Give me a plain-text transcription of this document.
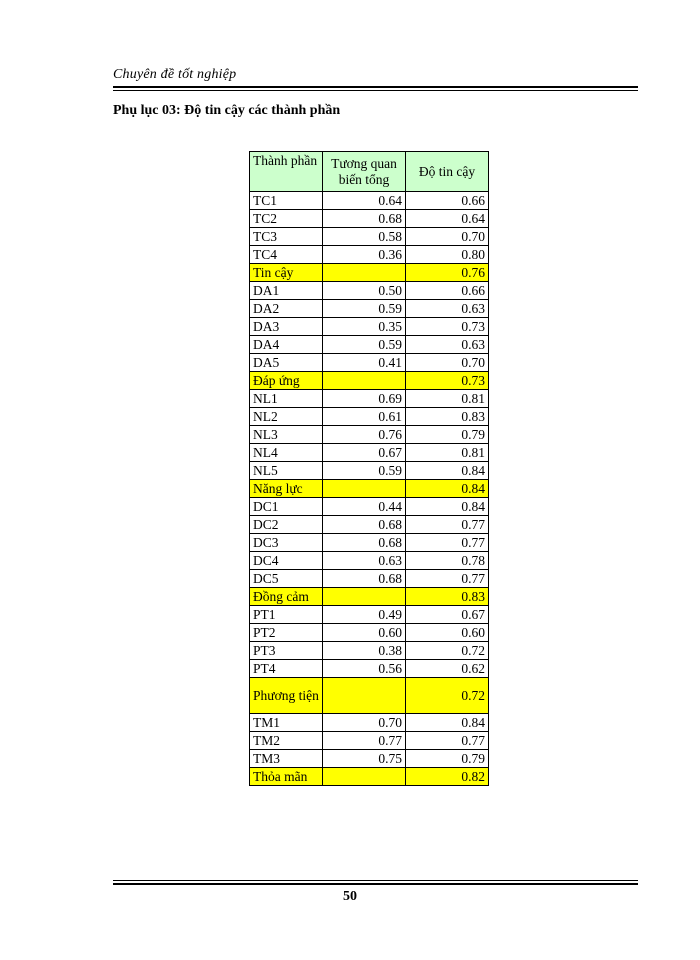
Chuyên đề tốt nghiệp
Phụ lục 03: Độ tin cậy các thành phần
Thành phần	Tương quan biến tổng	Độ tin cậy
TC1	0.64	0.66
TC2	0.68	0.64
TC3	0.58	0.70
TC4	0.36	0.80
Tin cậy		0.76
DA1	0.50	0.66
DA2	0.59	0.63
DA3	0.35	0.73
DA4	0.59	0.63
DA5	0.41	0.70
Đáp ứng		0.73
NL1	0.69	0.81
NL2	0.61	0.83
NL3	0.76	0.79
NL4	0.67	0.81
NL5	0.59	0.84
Năng lực		0.84
DC1	0.44	0.84
DC2	0.68	0.77
DC3	0.68	0.77
DC4	0.63	0.78
DC5	0.68	0.77
Đồng cảm		0.83
PT1	0.49	0.67
PT2	0.60	0.60
PT3	0.38	0.72
PT4	0.56	0.62
Phương tiện		0.72
TM1	0.70	0.84
TM2	0.77	0.77
TM3	0.75	0.79
Thỏa mãn		0.82
50
